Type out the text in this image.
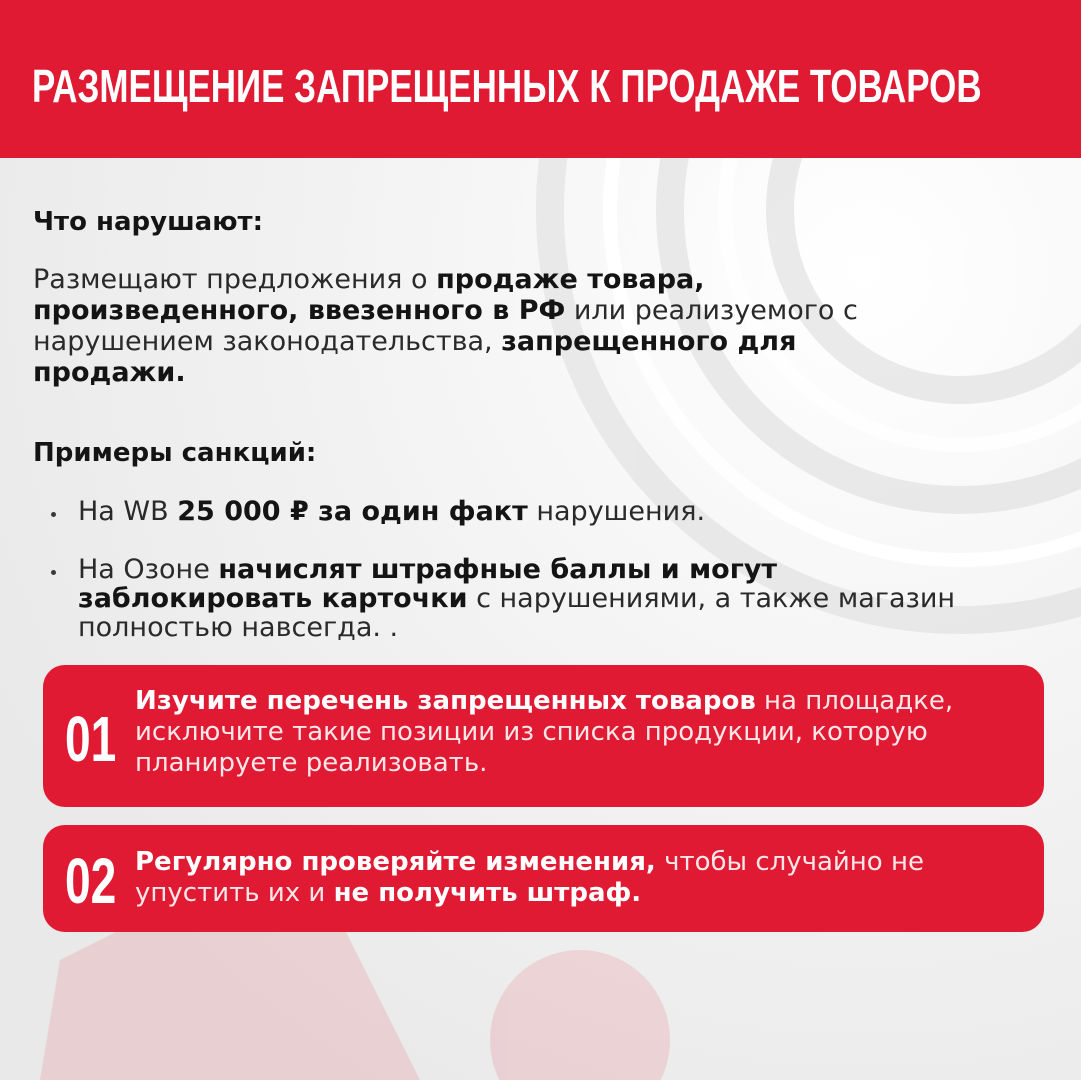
РАЗМЕЩЕНИЕ ЗАПРЕЩЕННЫХ К ПРОДАЖЕ ТОВАРОВ
Что нарушают:

Размещают предложения о продаже товара, произведенного, ввезенного в РФ или реализуемого с нарушением законодательства, запрещенного для продажи.

Примеры санкций:

На WB 25 000 ₽ за один факт нарушения.

На Озоне начислят штрафные баллы и могут заблокировать карточки с нарушениями, а также магазин полностью навсегда. .

01

Изучите перечень запрещенных товаров на площадке, исключите такие позиции из списка продукции, которую планируете реализовать.

02 Регулярно проверяйте изменения, чтобы случайно не упустить их и не получить штраф.
